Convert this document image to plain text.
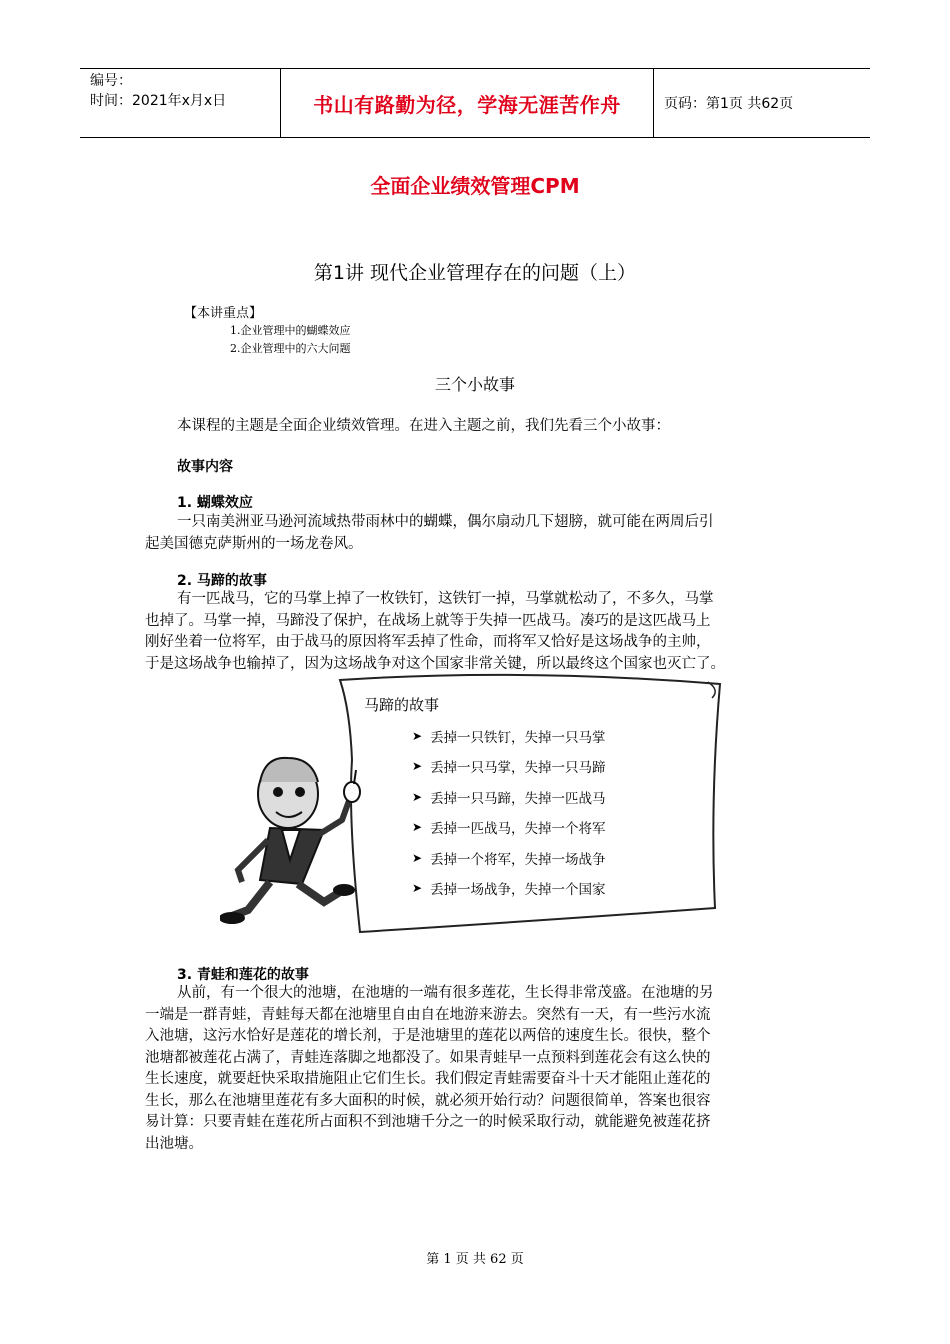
编号：
时间：2021年x月x日	书山有路勤为径，学海无涯苦作舟	页码：第1页 共62页
全面企业绩效管理CPM
第1讲 现代企业管理存在的问题（上）
【本讲重点】
1.企业管理中的蝴蝶效应
2.企业管理中的六大问题
三个小故事
本课程的主题是全面企业绩效管理。在进入主题之前，我们先看三个小故事：
故事内容
1. 蝴蝶效应
一只南美洲亚马逊河流域热带雨林中的蝴蝶，偶尔扇动几下翅膀，就可能在两周后引
起美国德克萨斯州的一场龙卷风。
2. 马蹄的故事
有一匹战马，它的马掌上掉了一枚铁钉，这铁钉一掉，马掌就松动了，不多久，马掌
也掉了。马掌一掉，马蹄没了保护，在战场上就等于失掉一匹战马。凑巧的是这匹战马上
刚好坐着一位将军，由于战马的原因将军丢掉了性命，而将军又恰好是这场战争的主帅，
于是这场战争也输掉了，因为这场战争对这个国家非常关键，所以最终这个国家也灭亡了。
马蹄的故事
➤ 丢掉一只铁钉，失掉一只马掌
➤ 丢掉一只马掌，失掉一只马蹄
➤ 丢掉一只马蹄，失掉一匹战马
➤ 丢掉一匹战马，失掉一个将军
➤ 丢掉一个将军，失掉一场战争
➤ 丢掉一场战争，失掉一个国家
3. 青蛙和莲花的故事
从前，有一个很大的池塘，在池塘的一端有很多莲花，生长得非常茂盛。在池塘的另
一端是一群青蛙，青蛙每天都在池塘里自由自在地游来游去。突然有一天，有一些污水流
入池塘，这污水恰好是莲花的增长剂，于是池塘里的莲花以两倍的速度生长。很快，整个
池塘都被莲花占满了，青蛙连落脚之地都没了。如果青蛙早一点预料到莲花会有这么快的
生长速度，就要赶快采取措施阻止它们生长。我们假定青蛙需要奋斗十天才能阻止莲花的
生长，那么在池塘里莲花有多大面积的时候，就必须开始行动？问题很简单，答案也很容
易计算：只要青蛙在莲花所占面积不到池塘千分之一的时候采取行动，就能避免被莲花挤
出池塘。
第 1 页 共 62 页
